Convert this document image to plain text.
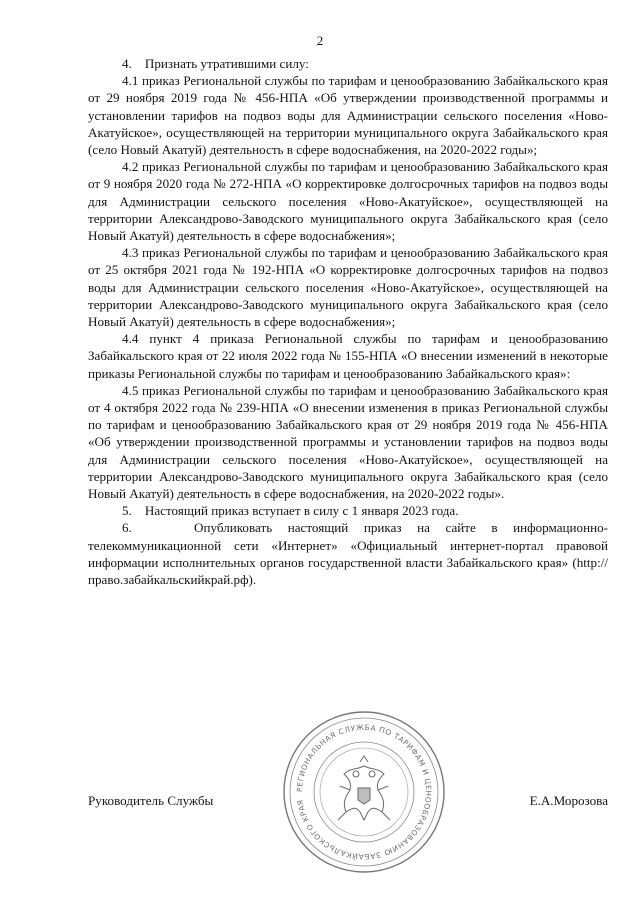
2

4.    Признать утратившими силу:

4.1 приказ Региональной службы по тарифам и ценообразованию Забайкальского края от 29 ноября 2019 года № 456-НПА «Об утверждении производственной программы и установлении тарифов на подвоз воды для Администрации сельского поселения «Ново-Акатуйское», осуществляющей на территории муниципального округа Забайкальского края (село Новый Акатуй) деятельность в сфере водоснабжения, на 2020-2022 годы»;

4.2 приказ Региональной службы по тарифам и ценообразованию Забайкальского края от 9 ноября 2020 года № 272-НПА «О корректировке долгосрочных тарифов на подвоз воды для Администрации сельского поселения «Ново-Акатуйское», осуществляющей на территории Александрово-Заводского муниципального округа Забайкальского края (село Новый Акатуй) деятельность в сфере водоснабжения»;

4.3 приказ Региональной службы по тарифам и ценообразованию Забайкальского края от 25 октября 2021 года № 192-НПА «О корректировке долгосрочных тарифов на подвоз воды для Администрации сельского поселения «Ново-Акатуйское», осуществляющей на территории Александрово-Заводского муниципального округа Забайкальского края (село Новый Акатуй) деятельность в сфере водоснабжения»;

4.4 пункт 4 приказа Региональной службы по тарифам и ценообразованию Забайкальского края от 22 июля 2022 года № 155-НПА «О внесении изменений в некоторые приказы Региональной службы по тарифам и ценообразованию Забайкальского края»:

4.5 приказ Региональной службы по тарифам и ценообразованию Забайкальского края от 4 октября 2022 года № 239-НПА «О внесении изменения в приказ Региональной службы по тарифам и ценообразованию Забайкальского края от 29 ноября 2019 года № 456-НПА «Об утверждении производственной программы и установлении тарифов на подвоз воды для Администрации сельского поселения «Ново-Акатуйское», осуществляющей на территории Александрово-Заводского муниципального округа Забайкальского края (село Новый Акатуй) деятельность в сфере водоснабжения, на 2020-2022 годы».

5.    Настоящий приказ вступает в силу с 1 января 2023 года.

6.    Опубликовать настоящий приказ на сайте в информационно-телекоммуникационной сети «Интернет» «Официальный интернет-портал правовой информации исполнительных органов государственной власти Забайкальского края» (http://право.забайкальскийкрай.рф).

РЕГИОНАЛЬНАЯ СЛУЖБА ПО ТАРИФАМ И ЦЕНООБРАЗОВАНИЮ ЗАБАЙКАЛЬСКОГО КРАЯ
Руководитель Службы	Е.А.Морозова
